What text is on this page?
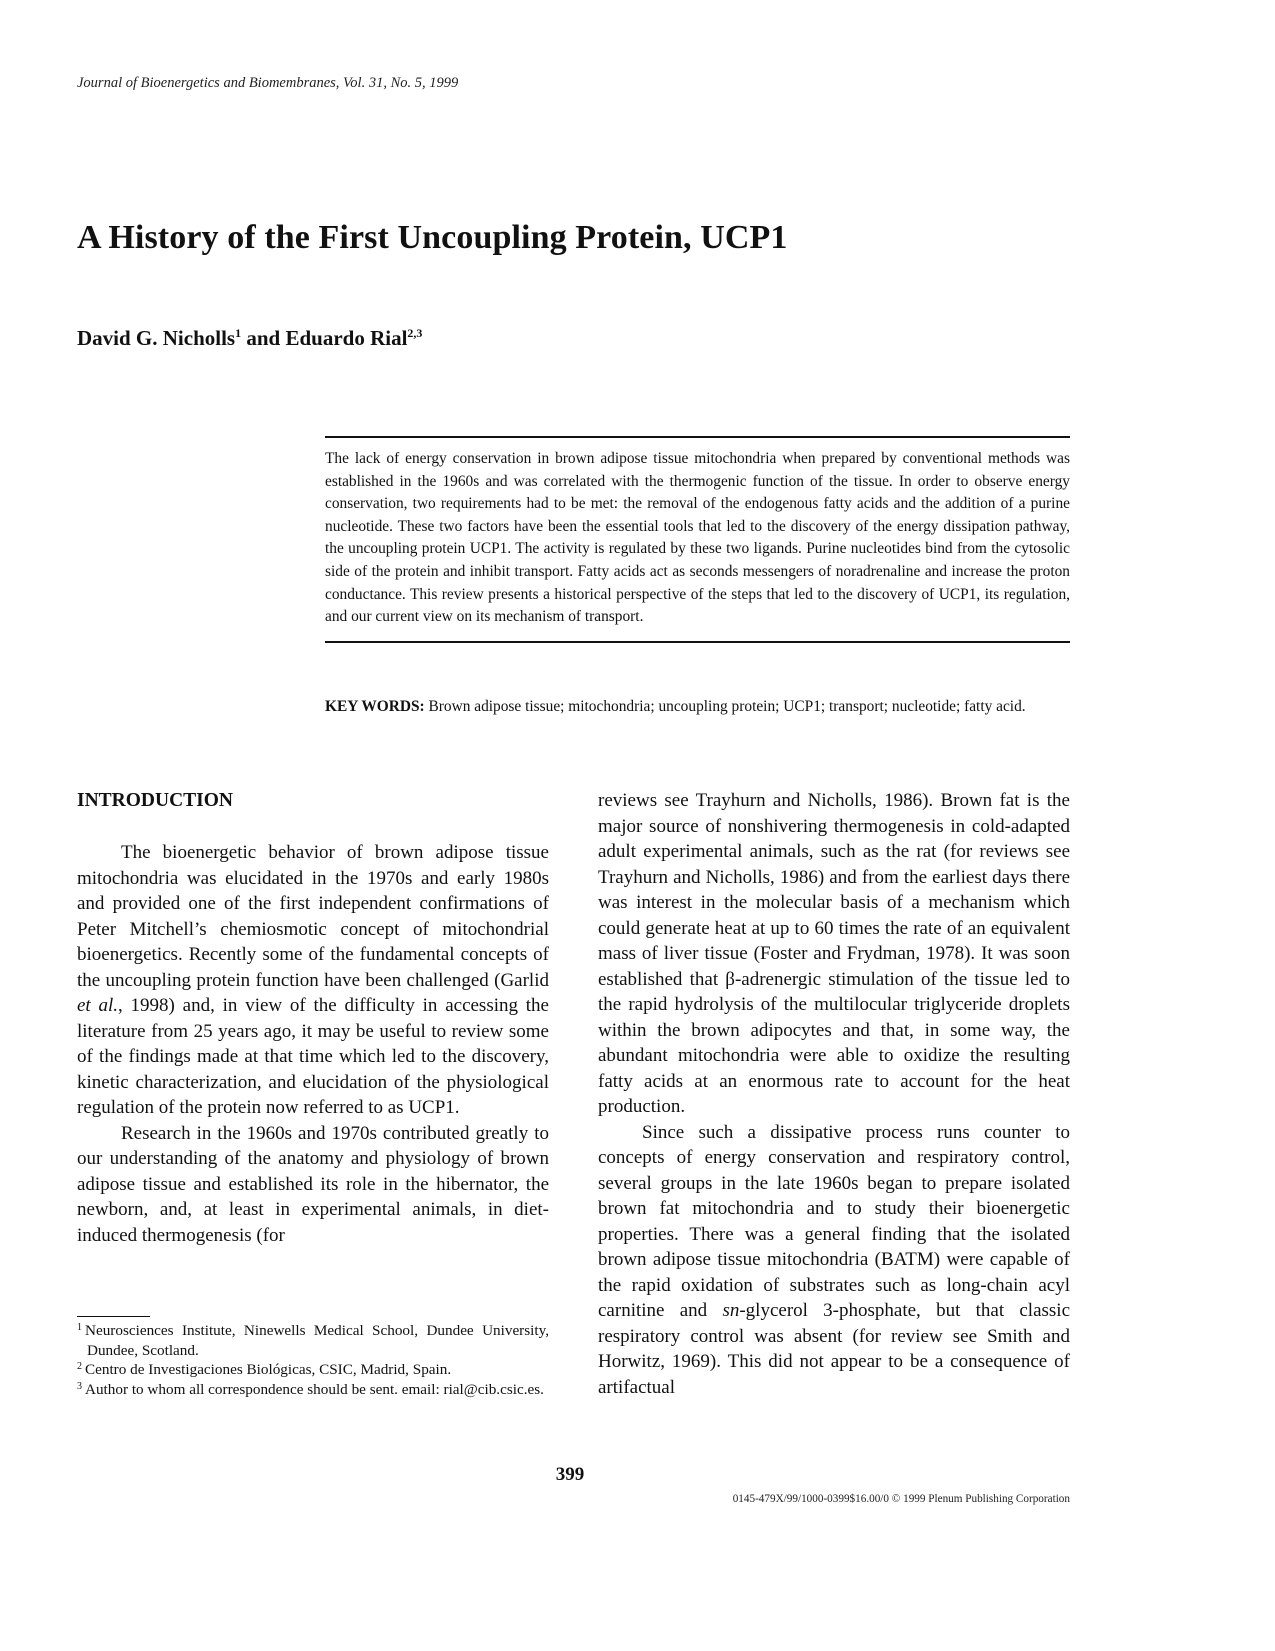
Journal of Bioenergetics and Biomembranes, Vol. 31, No. 5, 1999
A History of the First Uncoupling Protein, UCP1
David G. Nicholls$^1$ and Eduardo Rial$^{2,3}$

The lack of energy conservation in brown adipose tissue mitochondria when prepared by conventional methods was established in the 1960s and was correlated with the thermogenic function of the tissue. In order to observe energy conservation, two requirements had to be met: the removal of the endogenous fatty acids and the addition of a purine nucleotide. These two factors have been the essential tools that led to the discovery of the energy dissipation pathway, the uncoupling protein UCP1. The activity is regulated by these two ligands. Purine nucleotides bind from the cytosolic side of the protein and inhibit transport. Fatty acids act as seconds messengers of noradrenaline and increase the proton conductance. This review presents a historical perspective of the steps that led to the discovery of UCP1, its regulation, and our current view on its mechanism of transport.

KEY WORDS: Brown adipose tissue; mitochondria; uncoupling protein; UCP1; transport; nucleotide; fatty acid.

INTRODUCTION

The bioenergetic behavior of brown adipose tissue mitochondria was elucidated in the 1970s and early 1980s and provided one of the first independent confirmations of Peter Mitchell’s chemiosmotic concept of mitochondrial bioenergetics. Recently some of the fundamental concepts of the uncoupling protein function have been challenged (Garlid et al., 1998) and, in view of the difficulty in accessing the literature from 25 years ago, it may be useful to review some of the findings made at that time which led to the discovery, kinetic characterization, and elucidation of the physiological regulation of the protein now referred to as UCP1.

Research in the 1960s and 1970s contributed greatly to our understanding of the anatomy and physiology of brown adipose tissue and established its role in the hibernator, the newborn, and, at least in experimental animals, in diet-induced thermogenesis (for

reviews see Trayhurn and Nicholls, 1986). Brown fat is the major source of nonshivering thermogenesis in cold-adapted adult experimental animals, such as the rat (for reviews see Trayhurn and Nicholls, 1986) and from the earliest days there was interest in the molecular basis of a mechanism which could generate heat at up to 60 times the rate of an equivalent mass of liver tissue (Foster and Frydman, 1978). It was soon established that β-adrenergic stimulation of the tissue led to the rapid hydrolysis of the multilocular triglyceride droplets within the brown adipocytes and that, in some way, the abundant mitochondria were able to oxidize the resulting fatty acids at an enormous rate to account for the heat production.

Since such a dissipative process runs counter to concepts of energy conservation and respiratory control, several groups in the late 1960s began to prepare isolated brown fat mitochondria and to study their bioenergetic properties. There was a general finding that the isolated brown adipose tissue mitochondria (BATM) were capable of the rapid oxidation of substrates such as long-chain acyl carnitine and sn-glycerol 3-phosphate, but that classic respiratory control was absent (for review see Smith and Horwitz, 1969). This did not appear to be a consequence of artifactual

$^1$ Neurosciences Institute, Ninewells Medical School, Dundee University, Dundee, Scotland.
$^2$ Centro de Investigaciones Biológicas, CSIC, Madrid, Spain.
$^3$ Author to whom all correspondence should be sent. email: rial@cib.csic.es.
399
0145-479X/99/1000-0399$16.00/0 © 1999 Plenum Publishing Corporation
